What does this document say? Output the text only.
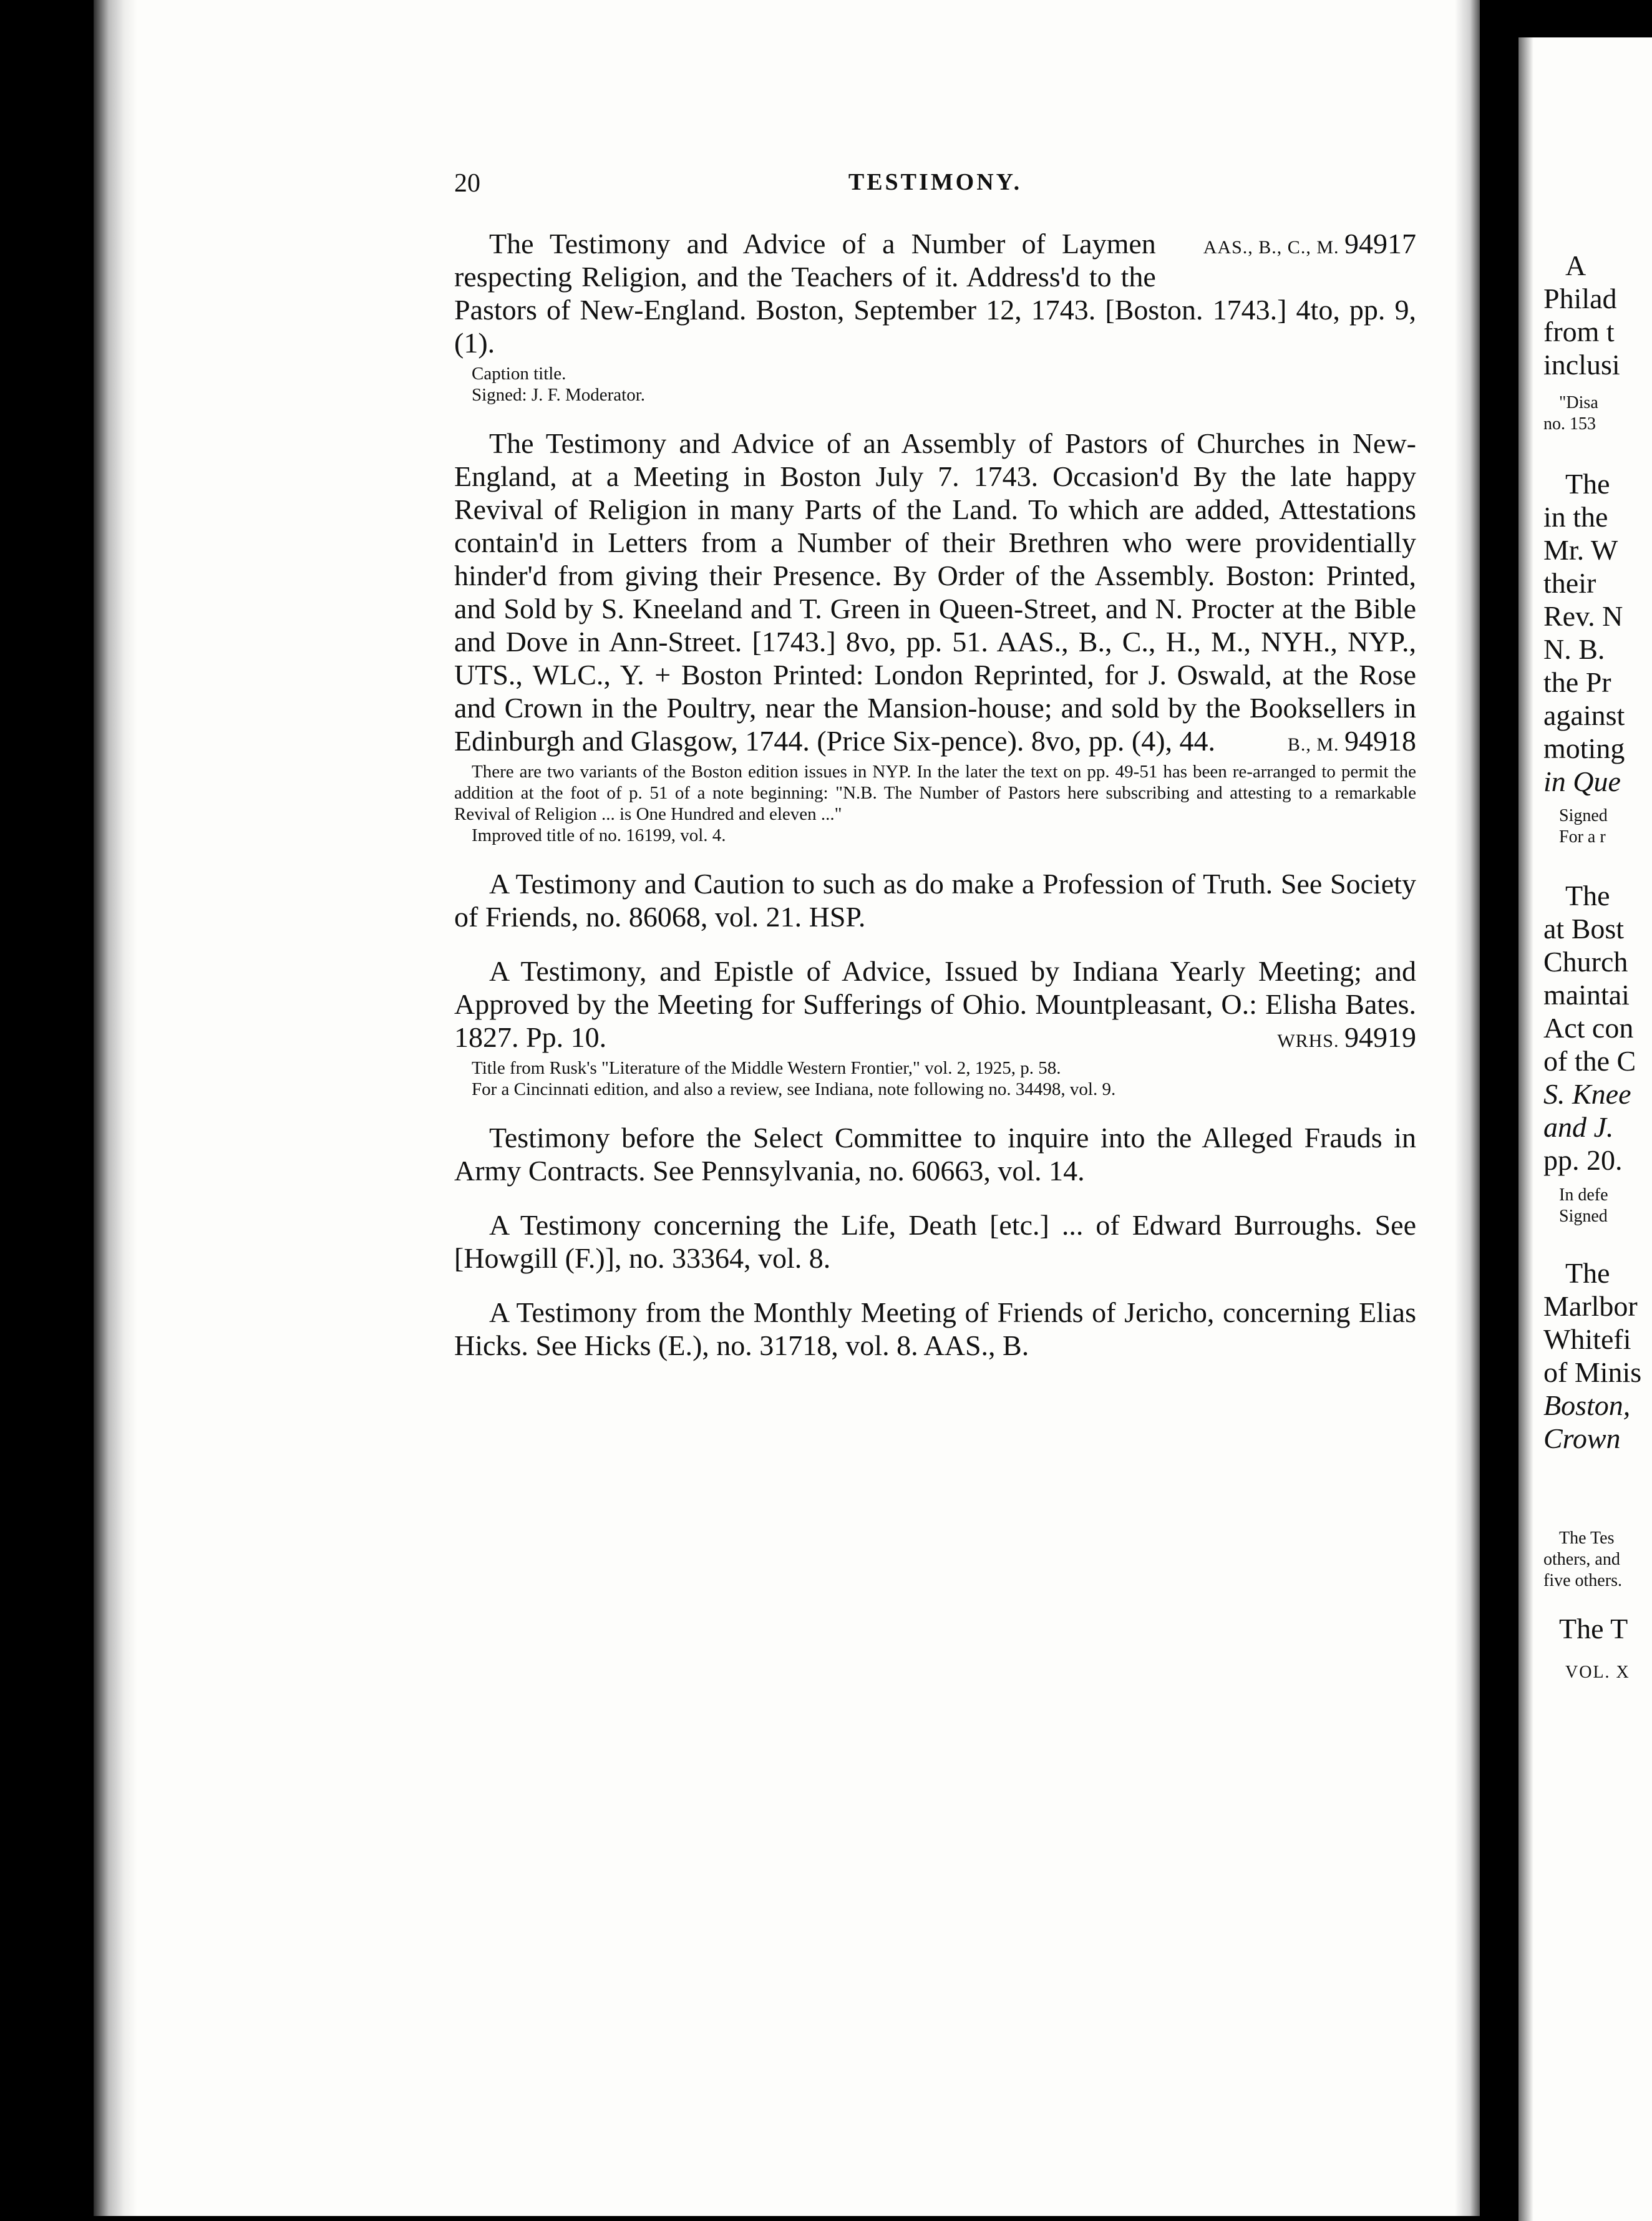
20	TESTIMONY.

AAS., B., C., M. 94917
The Testimony and Advice of a Number of Laymen respecting Religion, and the Teachers of it. Address'd to the Pastors of New-England. Boston, September 12, 1743. [Boston. 1743.] 4to, pp. 9, (1).

Caption title.

Signed: J. F. Moderator.

The Testimony and Advice of an Assembly of Pastors of Churches in New-England, at a Meeting in Boston July 7. 1743. Occasion'd By the late happy Revival of Religion in many Parts of the Land. To which are added, Attestations contain'd in Letters from a Number of their Brethren who were providentially hinder'd from giving their Presence. By Order of the Assembly. Boston: Printed, and Sold by S. Kneeland and T. Green in Queen-Street, and N. Procter at the Bible and Dove in Ann-Street. [1743.] 8vo, pp. 51. AAS., B., C., H., M., NYH., NYP., UTS., WLC., Y. + Boston Printed: London Reprinted, for J. Oswald, at the Rose and Crown in the Poultry, near the Mansion-house; and sold by the Booksellers in Edinburgh and Glasgow, 1744. (Price Six-pence). 8vo, pp. (4), 44.	B., M. 94918

There are two variants of the Boston edition issues in NYP. In the later the text on pp. 49-51 has been re-arranged to permit the addition at the foot of p. 51 of a note beginning: "N.B. The Number of Pastors here subscribing and attesting to a remarkable Revival of Religion ... is One Hundred and eleven ..."

Improved title of no. 16199, vol. 4.

A Testimony and Caution to such as do make a Profession of Truth. See Society of Friends, no. 86068, vol. 21. HSP.

A Testimony, and Epistle of Advice, Issued by Indiana Yearly Meeting; and Approved by the Meeting for Sufferings of Ohio. Mountpleasant, O.: Elisha Bates. 1827. Pp. 10.	WRHS. 94919

Title from Rusk's "Literature of the Middle Western Frontier," vol. 2, 1925, p. 58.

For a Cincinnati edition, and also a review, see Indiana, note following no. 34498, vol. 9.

Testimony before the Select Committee to inquire into the Alleged Frauds in Army Contracts. See Pennsylvania, no. 60663, vol. 14.

A Testimony concerning the Life, Death [etc.] ... of Edward Burroughs. See [Howgill (F.)], no. 33364, vol. 8.

A Testimony from the Monthly Meeting of Friends of Jericho, concerning Elias Hicks. See Hicks (E.), no. 31718, vol. 8. AAS., B.

A
Philad
from t
inclusi
"Disa
no. 153
The
in the
Mr. W
their
Rev. N
N. B.
the Pr
against
moting
in Que
Signed
For a r
The
at Bost
Church
maintai
Act con
of the C
S. Knee
and J.
pp. 20.
In defe
Signed
The
Marlbor
Whitefi
of Minis
Boston,
Crown
The Tes
others, and
five others.
The T
VOL. X
